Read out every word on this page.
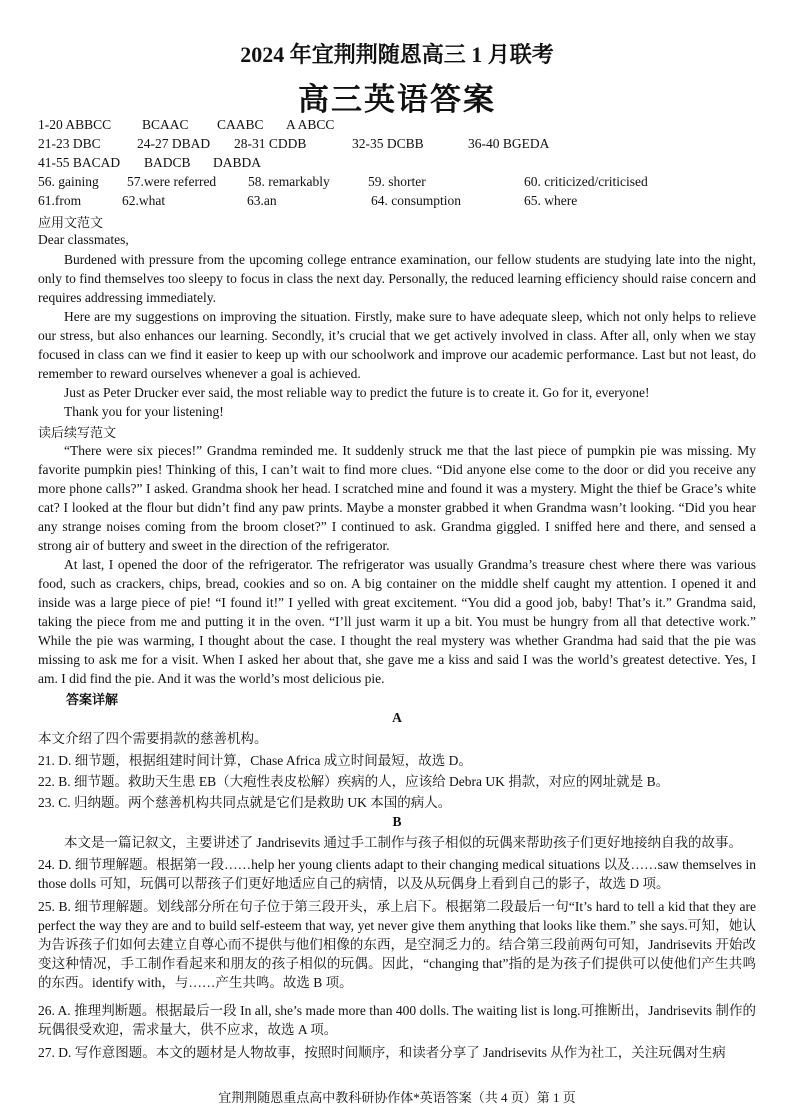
2024 年宜荆荆随恩高三 1 月联考
高三英语答案
1-20 ABBCC BCAAC CAABC A ABCC
21-23 DBC	24-27 DBAD 28-31 CDDB	32-35 DCBB	36-40 BGEDA
41-55 BACAD BADCB DABDA
56. gaining 57.were referred 58. remarkably	59. shorter	60. criticized/criticised
61.from	62.what	63.an	64. consumption	65. where
应用文范文
Dear classmates,
Burdened with pressure from the upcoming college entrance examination, our fellow students are studying late into the night, only to find themselves too sleepy to focus in class the next day. Personally, the reduced learning efficiency should raise concern and requires addressing immediately.
Here are my suggestions on improving the situation. Firstly, make sure to have adequate sleep, which not only helps to relieve our stress, but also enhances our learning. Secondly, it’s crucial that we get actively involved in class. After all, only when we stay focused in class can we find it easier to keep up with our schoolwork and improve our academic performance. Last but not least, do remember to reward ourselves whenever a goal is achieved.
Just as Peter Drucker ever said, the most reliable way to predict the future is to create it. Go for it, everyone!
Thank you for your listening!
读后续写范文
“There were six pieces!” Grandma reminded me. It suddenly struck me that the last piece of pumpkin pie was missing. My favorite pumpkin pies! Thinking of this, I can’t wait to find more clues. “Did anyone else come to the door or did you receive any more phone calls?” I asked. Grandma shook her head. I scratched mine and found it was a mystery. Might the thief be Grace’s white cat? I looked at the flour but didn’t find any paw prints. Maybe a monster grabbed it when Grandma wasn’t looking. “Did you hear any strange noises coming from the broom closet?” I continued to ask. Grandma giggled. I sniffed here and there, and sensed a strong air of buttery and sweet in the direction of the refrigerator.
At last, I opened the door of the refrigerator. The refrigerator was usually Grandma’s treasure chest where there was various food, such as crackers, chips, bread, cookies and so on. A big container on the middle shelf caught my attention. I opened it and inside was a large piece of pie! “I found it!” I yelled with great excitement. “You did a good job, baby! That’s it.” Grandma said, taking the piece from me and putting it in the oven. “I’ll just warm it up a bit. You must be hungry from all that detective work.” While the pie was warming, I thought about the case. I thought the real mystery was whether Grandma had said that the pie was missing to ask me for a visit. When I asked her about that, she gave me a kiss and said I was the world’s greatest detective. Yes, I am. I did find the pie. And it was the world’s most delicious pie.
答案详解
A
本文介绍了四个需要捐款的慈善机构。
21. D. 细节题，根据组建时间计算，Chase Africa 成立时间最短，故选 D。
22. B. 细节题。救助天生患 EB（大疱性表皮松解）疾病的人，应该给 Debra UK 捐款，对应的网址就是 B。
23. C. 归纳题。两个慈善机构共同点就是它们是救助 UK 本国的病人。
B
本文是一篇记叙文，主要讲述了 Jandrisevits 通过手工制作与孩子相似的玩偶来帮助孩子们更好地接纳自我的故事。
24. D. 细节理解题。根据第一段……help her young clients adapt to their changing medical situations 以及……saw themselves in those dolls 可知，玩偶可以帮孩子们更好地适应自己的病情，以及从玩偶身上看到自己的影子，故选 D 项。
25. B. 细节理解题。划线部分所在句子位于第三段开头，承上启下。根据第二段最后一句“It’s hard to tell a kid that they are perfect the way they are and to build self-esteem that way, yet never give them anything that looks like them.” she says.可知，她认为告诉孩子们如何去建立自尊心而不提供与他们相像的东西，是空洞乏力的。结合第三段前两句可知，Jandrisevits 开始改变这种情况，手工制作看起来和朋友的孩子相似的玩偶。因此，“changing that”指的是为孩子们提供可以使他们产生共鸣的东西。identify with，与……产生共鸣。故选 B 项。
26. A. 推理判断题。根据最后一段 In all, she’s made more than 400 dolls. The waiting list is long.可推断出，Jandrisevits 制作的玩偶很受欢迎，需求量大，供不应求，故选 A 项。
27. D. 写作意图题。本文的题材是人物故事，按照时间顺序，和读者分享了 Jandrisevits 从作为社工，关注玩偶对生病
宜荆荆随恩重点高中教科研协作体*英语答案（共 4 页）第 1 页
